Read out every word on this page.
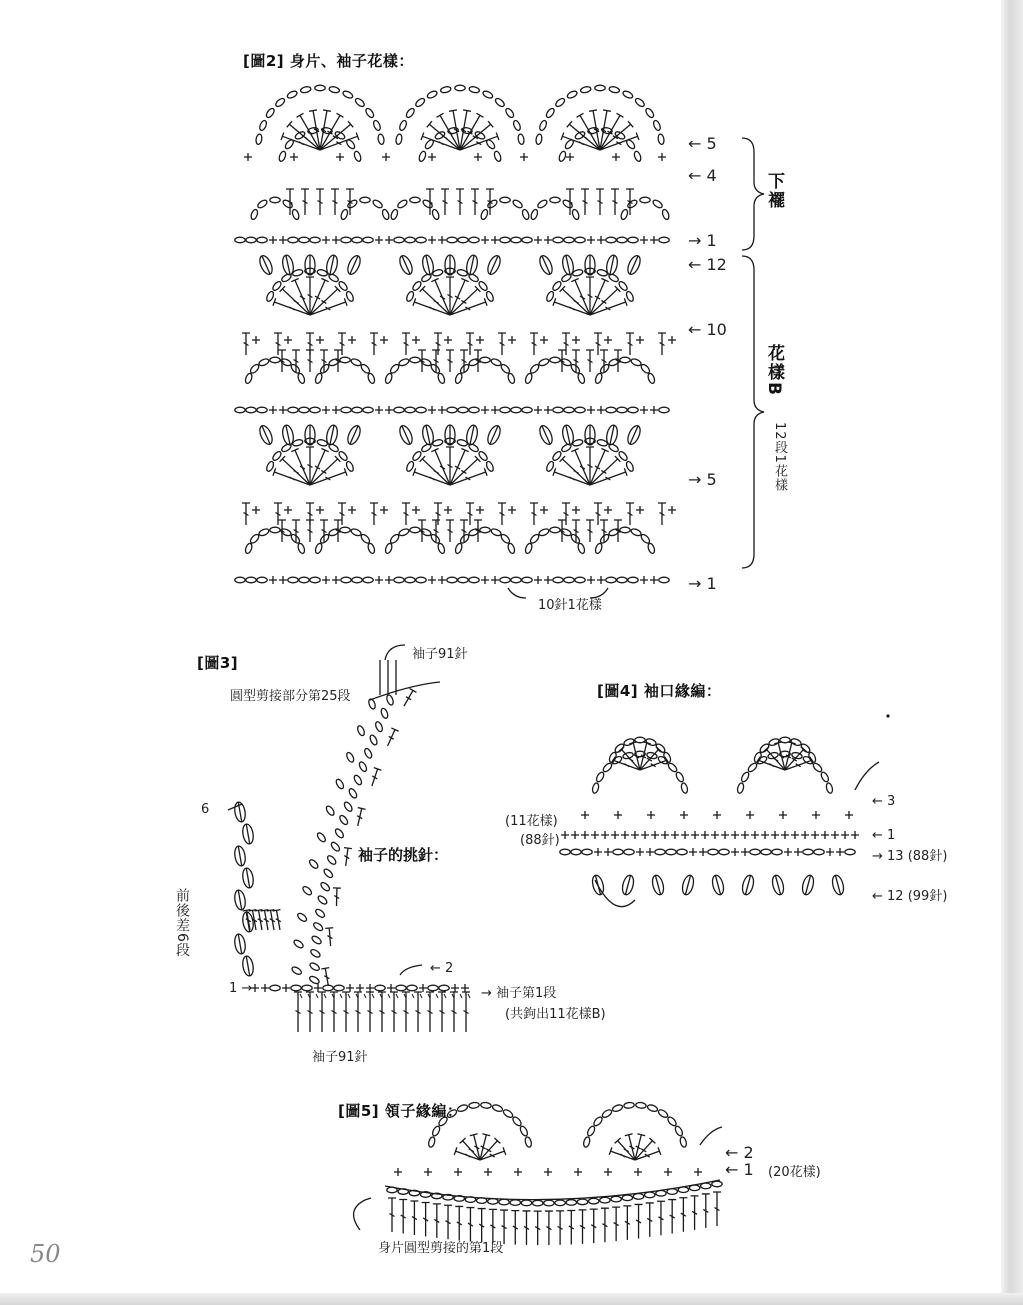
[圖2] 身片、袖子花樣：
← 5
← 4
→ 1
← 12
← 10
→ 5
→ 1
下襬
花樣B
12段1花樣
10針1花樣
[圖3]	袖子91針
圓型剪接部分第25段
袖子的挑針：
前後差6段
6
← 2
1 →	→ 袖子第1段
(共鉤出11花樣B)
袖子91針
[圖4] 袖口緣編：
← 3
← 1
→ 13 (88針)
← 12 (99針)
(11花樣)
(88針)
[圖5] 領子緣編：
← 2
← 1 (20花樣)
身片圓型剪接的第1段
50
